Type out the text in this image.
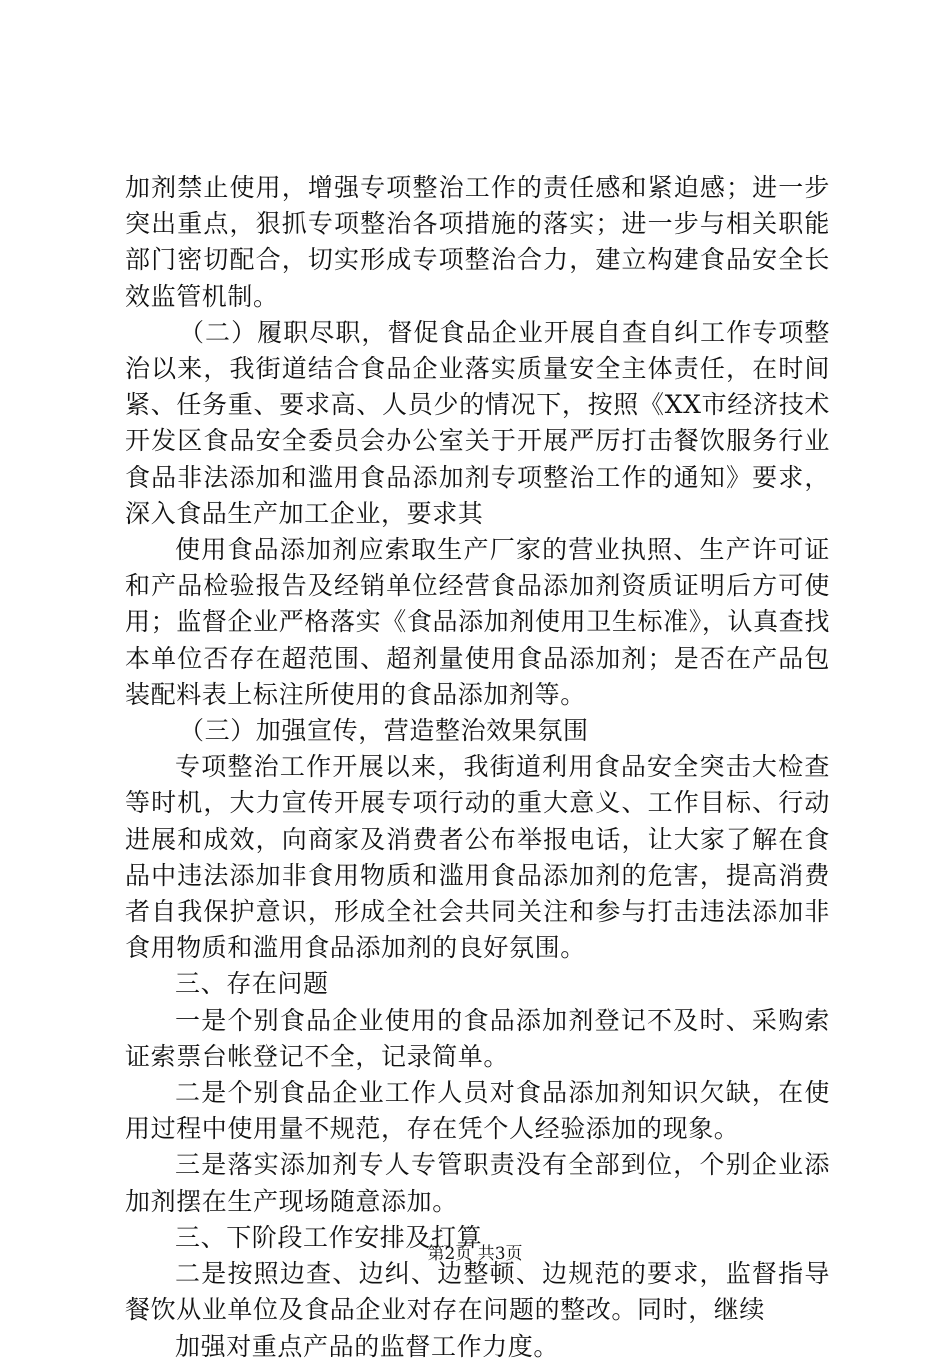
加剂禁止使用，增强专项整治工作的责任感和紧迫感；进一步突出重点，狠抓专项整治各项措施的落实；进一步与相关职能部门密切配合，切实形成专项整治合力，建立构建食品安全长效监管机制。

（二）履职尽职，督促食品企业开展自查自纠工作专项整治以来，我街道结合食品企业落实质量安全主体责任，在时间紧、任务重、要求高、人员少的情况下，按照《XX市经济技术开发区食品安全委员会办公室关于开展严厉打击餐饮服务行业食品非法添加和滥用食品添加剂专项整治工作的通知》要求，深入食品生产加工企业，要求其

使用食品添加剂应索取生产厂家的营业执照、生产许可证和产品检验报告及经销单位经营食品添加剂资质证明后方可使用；监督企业严格落实《食品添加剂使用卫生标准》，认真查找本单位否存在超范围、超剂量使用食品添加剂；是否在产品包装配料表上标注所使用的食品添加剂等。

（三）加强宣传，营造整治效果氛围

专项整治工作开展以来，我街道利用食品安全突击大检查等时机，大力宣传开展专项行动的重大意义、工作目标、行动进展和成效，向商家及消费者公布举报电话，让大家了解在食品中违法添加非食用物质和滥用食品添加剂的危害，提高消费者自我保护意识，形成全社会共同关注和参与打击违法添加非食用物质和滥用食品添加剂的良好氛围。

三、存在问题

一是个别食品企业使用的食品添加剂登记不及时、采购索证索票台帐登记不全，记录简单。

二是个别食品企业工作人员对食品添加剂知识欠缺，在使用过程中使用量不规范，存在凭个人经验添加的现象。

三是落实添加剂专人专管职责没有全部到位，个别企业添加剂摆在生产现场随意添加。

三、下阶段工作安排及打算

二是按照边查、边纠、边整顿、边规范的要求，监督指导餐饮从业单位及食品企业对存在问题的整改。同时，继续

加强对重点产品的监督工作力度。

第2页 共3页
